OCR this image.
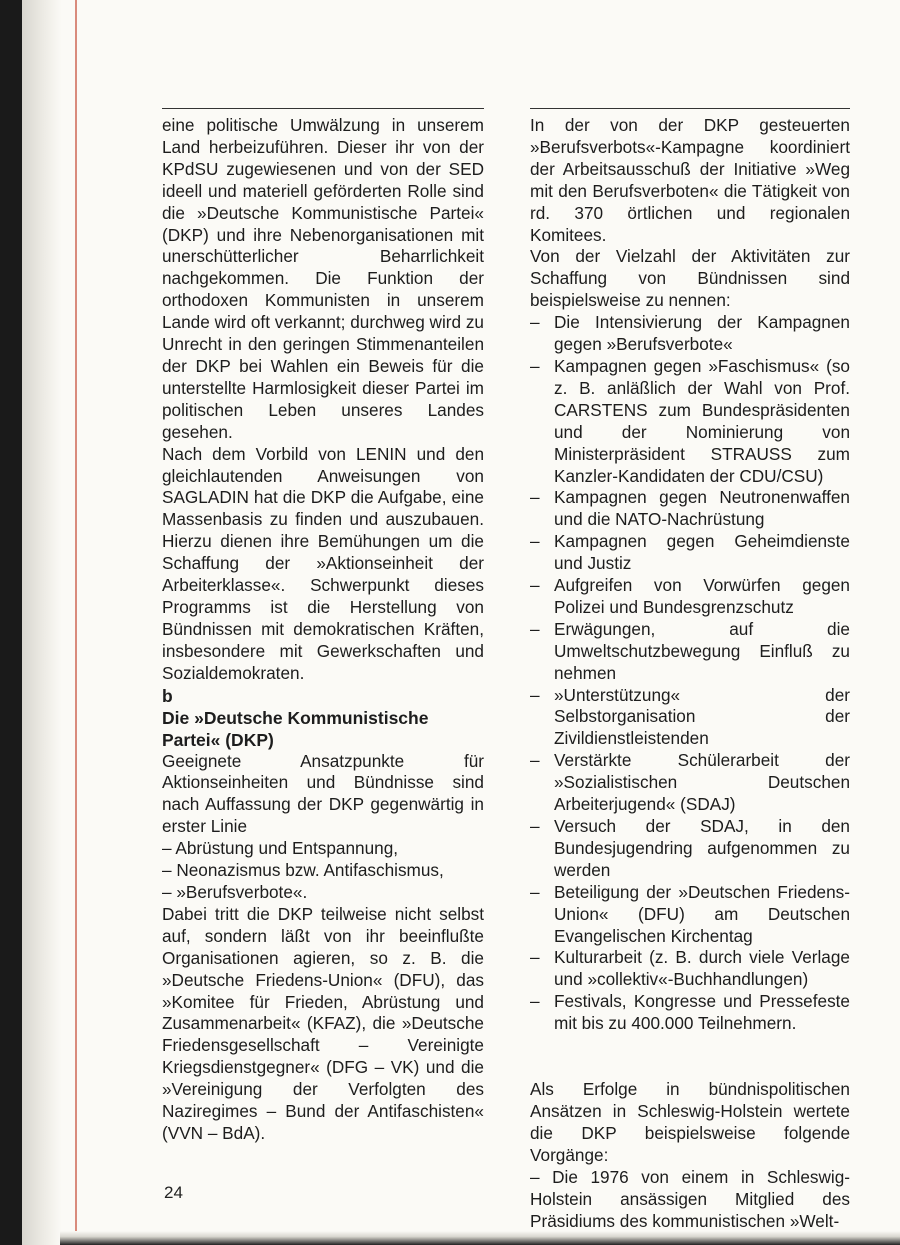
eine politische Umwälzung in unserem Land herbeizuführen. Dieser ihr von der KPdSU zugewiesenen und von der SED ideell und materiell geförderten Rolle sind die »Deutsche Kommunistische Partei« (DKP) und ihre Nebenorganisationen mit unerschütterlicher Beharrlichkeit nachgekommen. Die Funktion der orthodoxen Kommunisten in unserem Lande wird oft verkannt; durchweg wird zu Unrecht in den geringen Stimmenanteilen der DKP bei Wahlen ein Beweis für die unterstellte Harmlosigkeit dieser Partei im politischen Leben unseres Landes gesehen.

Nach dem Vorbild von LENIN und den gleichlautenden Anweisungen von SAGLADIN hat die DKP die Aufgabe, eine Massenbasis zu finden und auszubauen. Hierzu dienen ihre Bemühungen um die Schaffung der »Aktionseinheit der Arbeiterklasse«. Schwerpunkt dieses Programms ist die Herstellung von Bündnissen mit demokratischen Kräften, insbesondere mit Gewerkschaften und Sozialdemokraten.

b
Die »Deutsche Kommunistische Partei« (DKP)

Geeignete Ansatzpunkte für Aktionseinheiten und Bündnisse sind nach Auffassung der DKP gegenwärtig in erster Linie

– Abrüstung und Entspannung,
– Neonazismus bzw. Antifaschismus,
– »Berufsverbote«.

Dabei tritt die DKP teilweise nicht selbst auf, sondern läßt von ihr beeinflußte Organisationen agieren, so z. B. die »Deutsche Friedens-Union« (DFU), das »Komitee für Frieden, Abrüstung und Zusammenarbeit« (KFAZ), die »Deutsche Friedensgesellschaft – Vereinigte Kriegsdienstgegner« (DFG – VK) und die »Vereinigung der Verfolgten des Naziregimes – Bund der Antifaschisten« (VVN – BdA).

In der von der DKP gesteuerten »Berufsverbots«-Kampagne koordiniert der Arbeitsausschuß der Initiative »Weg mit den Berufsverboten« die Tätigkeit von rd. 370 örtlichen und regionalen Komitees.

Von der Vielzahl der Aktivitäten zur Schaffung von Bündnissen sind beispielsweise zu nennen:

– Die Intensivierung der Kampagnen gegen »Berufsverbote«
– Kampagnen gegen »Faschismus« (so z. B. anläßlich der Wahl von Prof. CARSTENS zum Bundespräsidenten und der Nominierung von Ministerpräsident STRAUSS zum Kanzler-Kandidaten der CDU/CSU)
– Kampagnen gegen Neutronenwaffen und die NATO-Nachrüstung
– Kampagnen gegen Geheimdienste und Justiz
– Aufgreifen von Vorwürfen gegen Polizei und Bundesgrenzschutz
– Erwägungen, auf die Umweltschutzbewegung Einfluß zu nehmen
– »Unterstützung« der Selbstorganisation der Zivildienstleistenden
– Verstärkte Schülerarbeit der »Sozialistischen Deutschen Arbeiterjugend« (SDAJ)
– Versuch der SDAJ, in den Bundesjugendring aufgenommen zu werden
– Beteiligung der »Deutschen Friedens-Union« (DFU) am Deutschen Evangelischen Kirchentag
– Kulturarbeit (z. B. durch viele Verlage und »collektiv«-Buchhandlungen)
– Festivals, Kongresse und Pressefeste mit bis zu 400.000 Teilnehmern.

Als Erfolge in bündnispolitischen Ansätzen in Schleswig-Holstein wertete die DKP beispielsweise folgende Vorgänge:

– Die 1976 von einem in Schleswig-Holstein ansässigen Mitglied des Präsidiums des kommunistischen »Welt-

24
